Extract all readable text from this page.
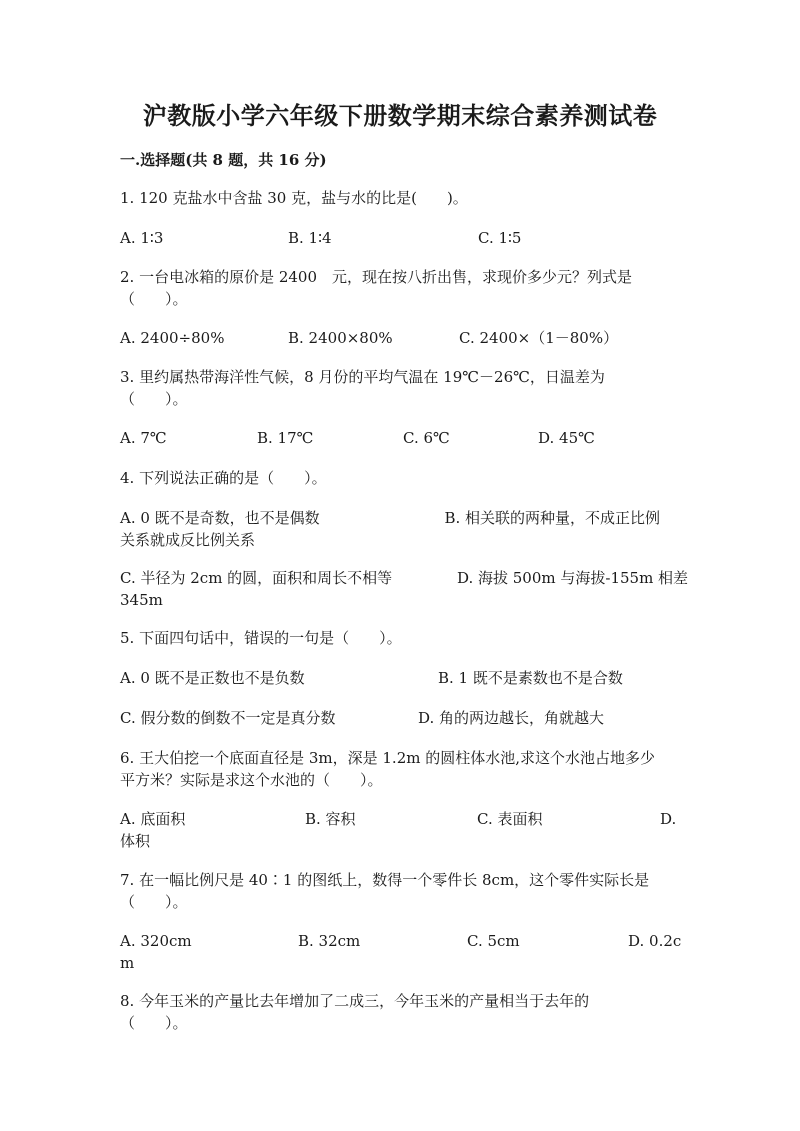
沪教版小学六年级下册数学期末综合素养测试卷
一.选择题(共 8 题，共 16 分)
1. 120 克盐水中含盐 30 克，盐与水的比是(　　)。
A. 1∶3	B. 1∶4	C. 1∶5
2. 一台电冰箱的原价是 2400　元，现在按八折出售，求现价多少元？列式是
（　　）。
A. 2400÷80%	B. 2400×80%	C. 2400×（1－80%）
3. 里约属热带海洋性气候，8 月份的平均气温在 19℃－26℃，日温差为
（　　）。
A. 7℃	B. 17℃	C. 6℃	D. 45℃
4. 下列说法正确的是（　　）。
A. 0 既不是奇数，也不是偶数　　　　　　　　 B. 相关联的两种量，不成正比例
关系就成反比例关系
C. 半径为 2cm 的圆，面积和周长不相等　　　　 D. 海拔 500m 与海拔-155m 相差
345m
5. 下面四句话中，错误的一句是（　　）。
A. 0 既不是正数也不是负数	B. 1 既不是素数也不是合数
C. 假分数的倒数不一定是真分数	D. 角的两边越长，角就越大
6. 王大伯挖一个底面直径是 3m，深是 1.2m 的圆柱体水池,求这个水池占地多少
平方米？实际是求这个水池的（　　）。
A. 底面积	B. 容积	C. 表面积	D.
体积
7. 在一幅比例尺是 40∶1 的图纸上，数得一个零件长 8cm，这个零件实际长是
（　　）。
A. 320cm	B. 32cm	C. 5cm	D. 0.2c
m
8. 今年玉米的产量比去年增加了二成三，今年玉米的产量相当于去年的
（　　）。
